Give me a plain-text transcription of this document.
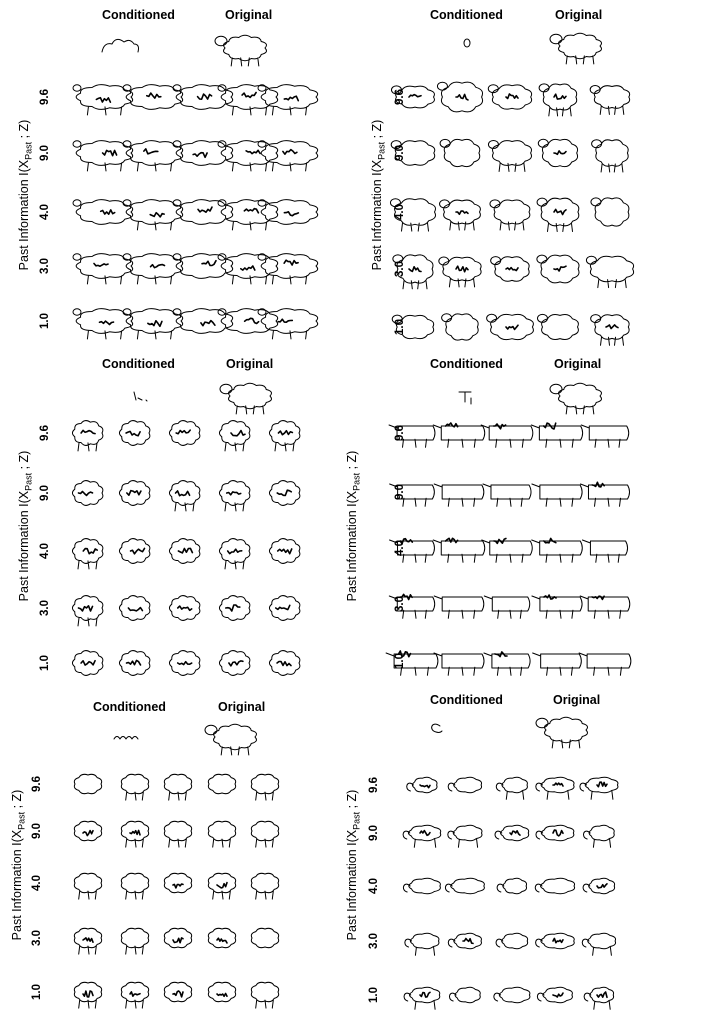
Conditioned	Original
Past Information $I(X_{Past}$ ; Z)
9.6
9.0
4.0
3.0
1.0
Conditioned	Original
Past Information $I(X_{Past}$ ; Z)
9.6
9.0
4.0
3.0
1.0
Conditioned	Original
Past Information $I(X_{Past}$ ; Z)
9.6
9.0
4.0
3.0
1.0
Conditioned	Original
Past Information $I(X_{Past}$ ; Z)
9.6
9.0
4.0
3.0
1.0
Conditioned	Original
Past Information $I(X_{Past}$ ; Z)
9.6
9.0
4.0
3.0
1.0
Conditioned	Original
Past Information $I(X_{Past}$ ; Z)
9.6
9.0
4.0
3.0
1.0
